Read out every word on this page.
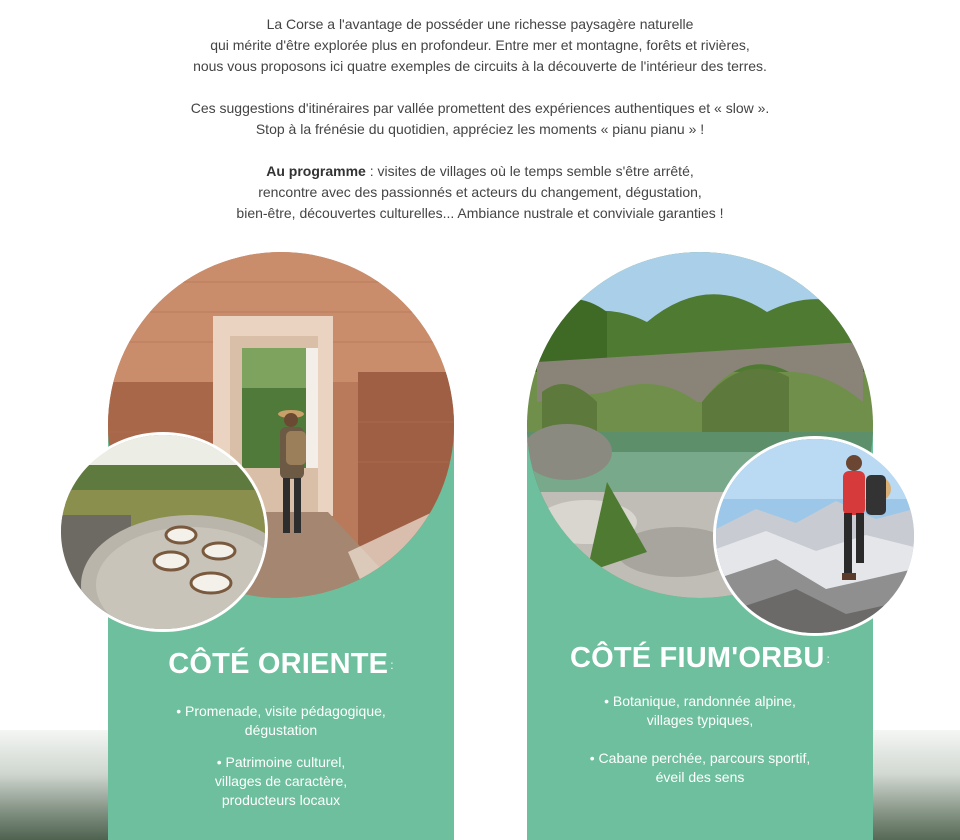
La Corse a l'avantage de posséder une richesse paysagère naturelle
qui mérite d'être explorée plus en profondeur. Entre mer et montagne, forêts et rivières,
nous vous proposons ici quatre exemples de circuits à la découverte de l'intérieur des terres.

Ces suggestions d'itinéraires par vallée promettent des expériences authentiques et « slow ».
Stop à la frénésie du quotidien, appréciez les moments « pianu pianu » !

Au programme : visites de villages où le temps semble s'être arrêté,
rencontre avec des passionnés et acteurs du changement, dégustation,
bien-être, découvertes culturelles... Ambiance nustrale et conviviale garanties !

CÔTÉ ORIENTE :
• Promenade, visite pédagogique,
dégustation
• Patrimoine culturel,
villages de caractère,
producteurs locaux
CÔTÉ FIUM'ORBU :
• Botanique, randonnée alpine,
villages typiques,
• Cabane perchée, parcours sportif,
éveil des sens
